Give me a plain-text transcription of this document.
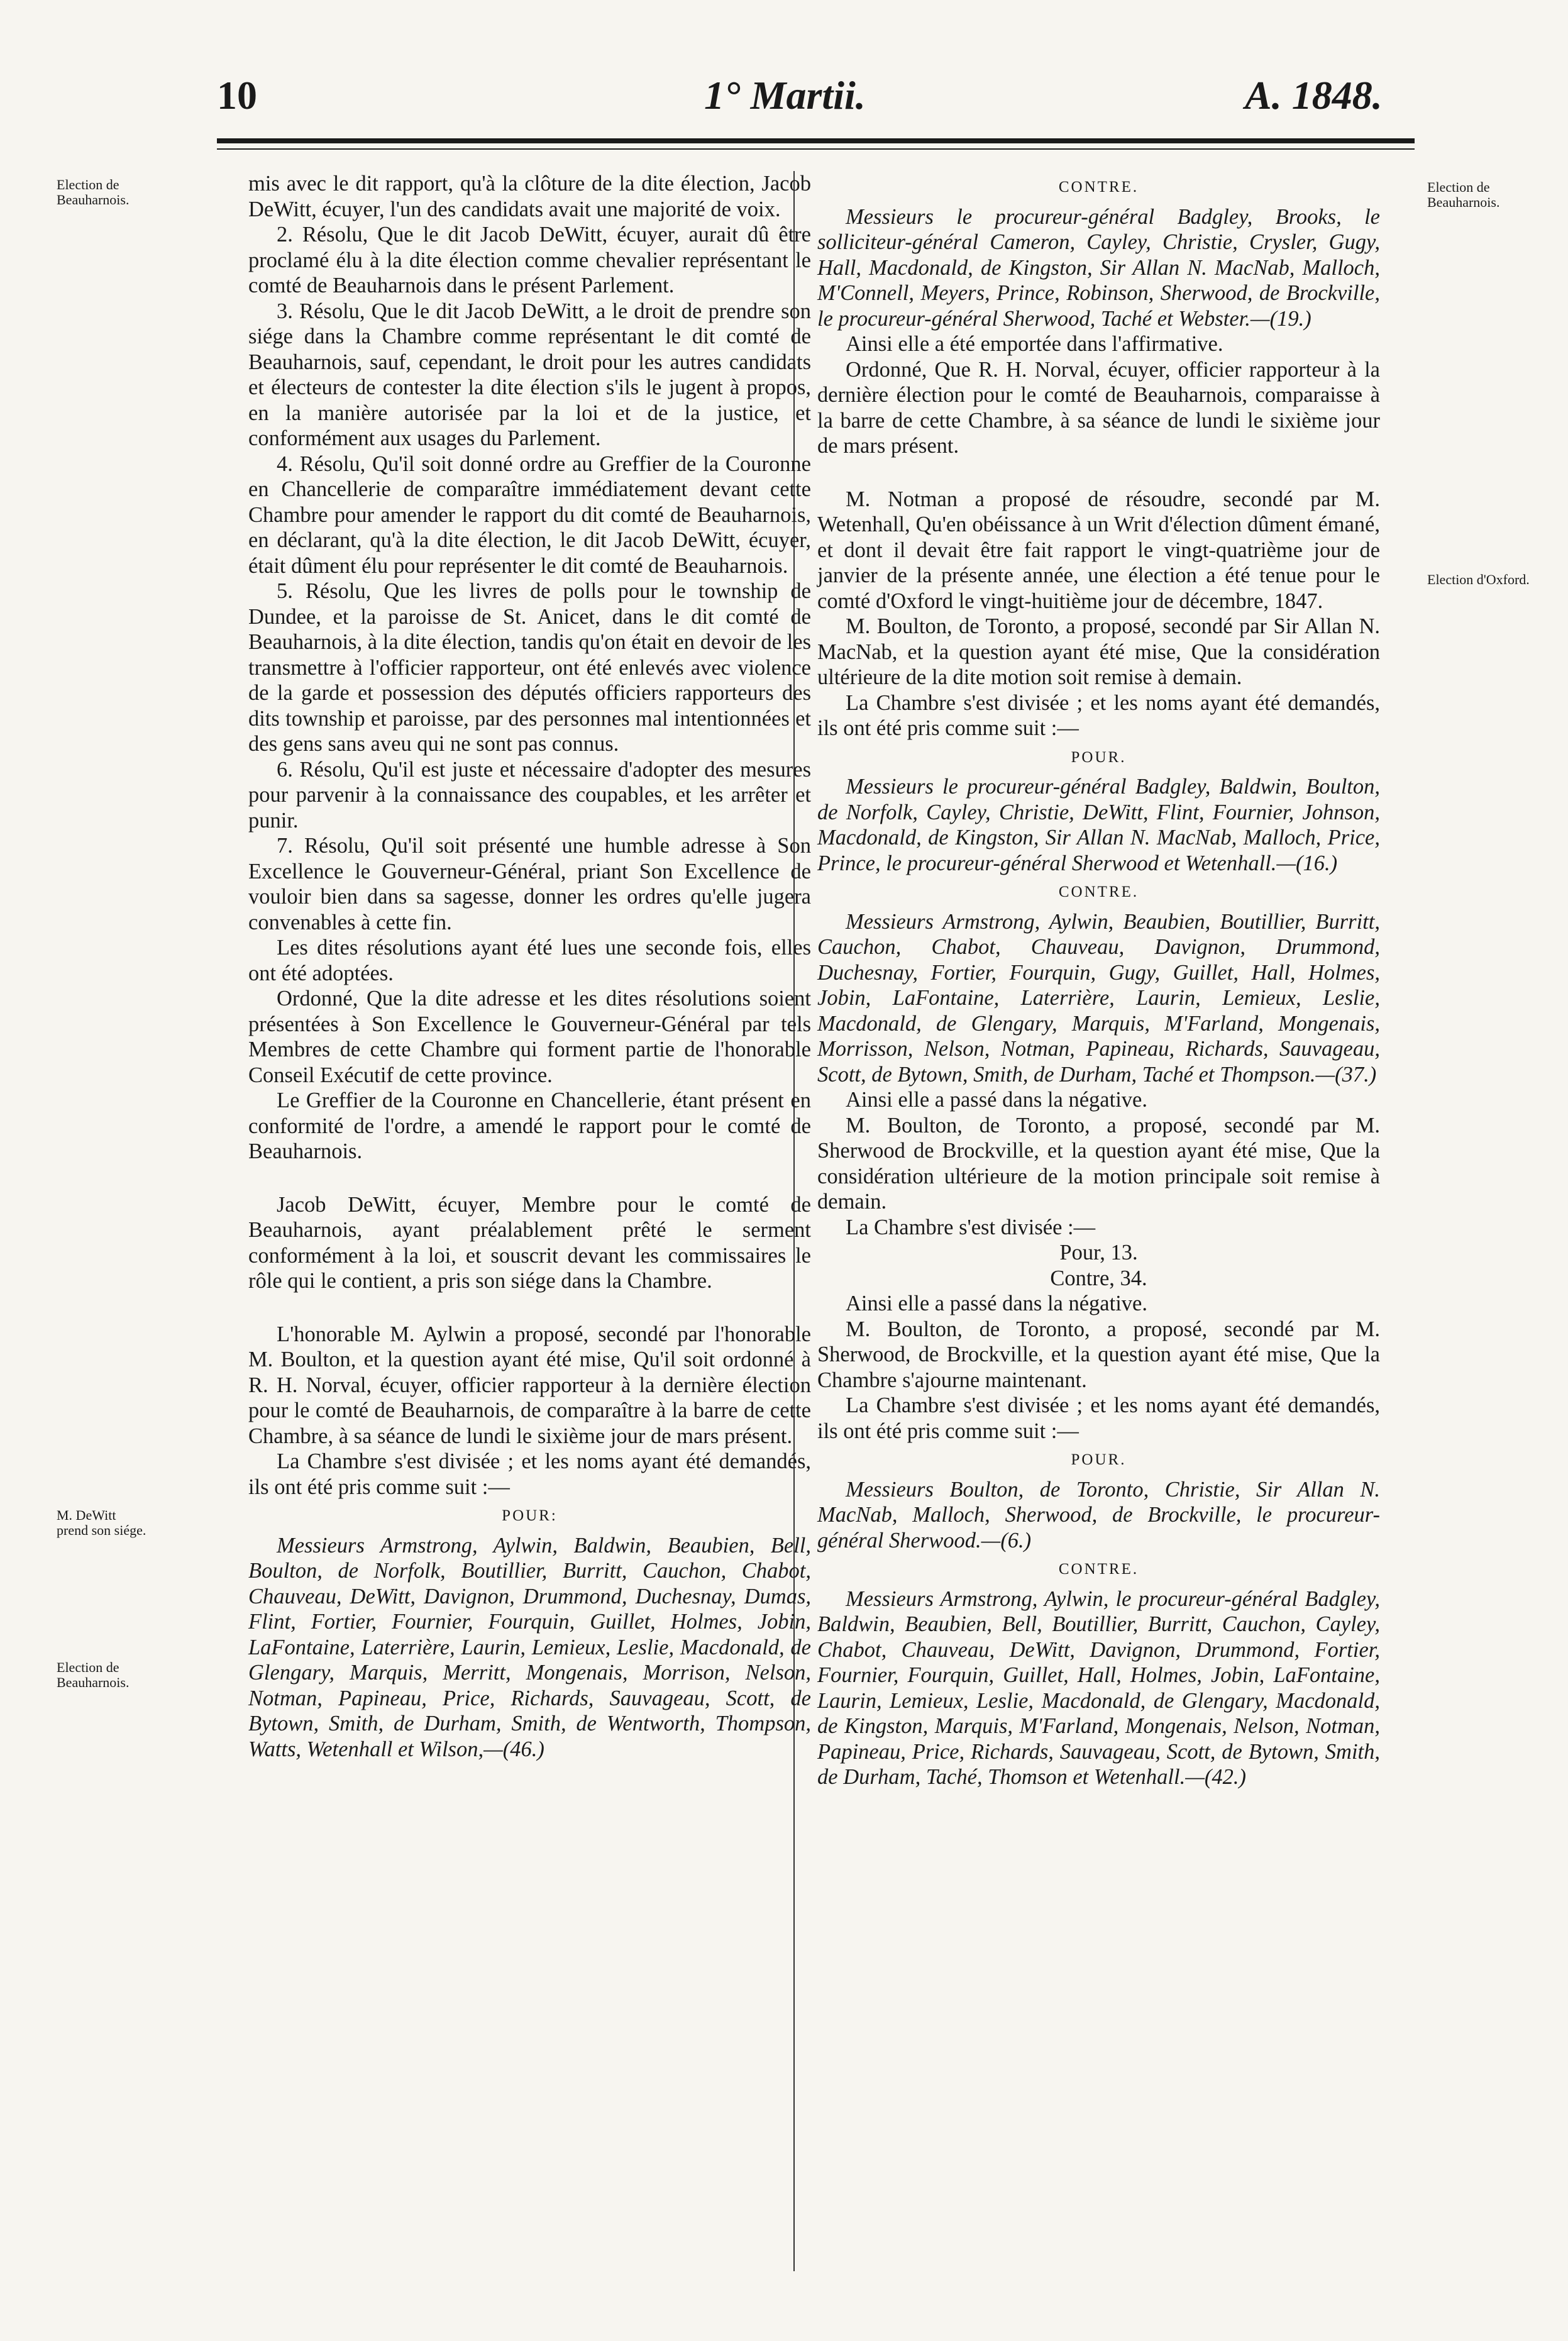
10	1° Martii.	A. 1848.
Election de Beauharnois.
M. DeWitt prend son siége.
Election de Beauharnois.
Election de Beauharnois.
Election d'Oxford.

mis avec le dit rapport, qu'à la clôture de la dite élection, Jacob DeWitt, écuyer, l'un des candidats avait une majorité de voix.

2. Résolu, Que le dit Jacob DeWitt, écuyer, aurait dû être proclamé élu à la dite élection comme chevalier représentant le comté de Beauharnois dans le présent Parlement.

3. Résolu, Que le dit Jacob DeWitt, a le droit de prendre son siége dans la Chambre comme représentant le dit comté de Beauharnois, sauf, cependant, le droit pour les autres candidats et électeurs de contester la dite élection s'ils le jugent à propos, en la manière autorisée par la loi et de la justice, et conformément aux usages du Parlement.

4. Résolu, Qu'il soit donné ordre au Greffier de la Couronne en Chancellerie de comparaître immédiatement devant cette Chambre pour amender le rapport du dit comté de Beauharnois, en déclarant, qu'à la dite élection, le dit Jacob DeWitt, écuyer, était dûment élu pour représenter le dit comté de Beauharnois.

5. Résolu, Que les livres de polls pour le township de Dundee, et la paroisse de St. Anicet, dans le dit comté de Beauharnois, à la dite élection, tandis qu'on était en devoir de les transmettre à l'officier rapporteur, ont été enlevés avec violence de la garde et possession des députés officiers rapporteurs des dits township et paroisse, par des personnes mal intentionnées et des gens sans aveu qui ne sont pas connus.

6. Résolu, Qu'il est juste et nécessaire d'adopter des mesures pour parvenir à la connaissance des coupables, et les arrêter et punir.

7. Résolu, Qu'il soit présenté une humble adresse à Son Excellence le Gouverneur-Général, priant Son Excellence de vouloir bien dans sa sagesse, donner les ordres qu'elle jugera convenables à cette fin.

Les dites résolutions ayant été lues une seconde fois, elles ont été adoptées.

Ordonné, Que la dite adresse et les dites résolutions soient présentées à Son Excellence le Gouverneur-Général par tels Membres de cette Chambre qui forment partie de l'honorable Conseil Exécutif de cette province.

Le Greffier de la Couronne en Chancellerie, étant présent en conformité de l'ordre, a amendé le rapport pour le comté de Beauharnois.

Jacob DeWitt, écuyer, Membre pour le comté de Beauharnois, ayant préalablement prêté le serment conformément à la loi, et souscrit devant les commissaires le rôle qui le contient, a pris son siége dans la Chambre.

L'honorable M. Aylwin a proposé, secondé par l'honorable M. Boulton, et la question ayant été mise, Qu'il soit ordonné à R. H. Norval, écuyer, officier rapporteur à la dernière élection pour le comté de Beauharnois, de comparaître à la barre de cette Chambre, à sa séance de lundi le sixième jour de mars présent.

La Chambre s'est divisée ; et les noms ayant été demandés, ils ont été pris comme suit :—

POUR:

Messieurs Armstrong, Aylwin, Baldwin, Beaubien, Bell, Boulton, de Norfolk, Boutillier, Burritt, Cauchon, Chabot, Chauveau, DeWitt, Davignon, Drummond, Duchesnay, Dumas, Flint, Fortier, Fournier, Fourquin, Guillet, Holmes, Jobin, LaFontaine, Laterrière, Laurin, Lemieux, Leslie, Macdonald, de Glengary, Marquis, Merritt, Mongenais, Morrison, Nelson, Notman, Papineau, Price, Richards, Sauvageau, Scott, de Bytown, Smith, de Durham, Smith, de Wentworth, Thompson, Watts, Wetenhall et Wilson,—(46.)

CONTRE.

Messieurs le procureur-général Badgley, Brooks, le solliciteur-général Cameron, Cayley, Christie, Crysler, Gugy, Hall, Macdonald, de Kingston, Sir Allan N. MacNab, Malloch, M'Connell, Meyers, Prince, Robinson, Sherwood, de Brockville, le procureur-général Sherwood, Taché et Webster.—(19.)

Ainsi elle a été emportée dans l'affirmative.

Ordonné, Que R. H. Norval, écuyer, officier rapporteur à la dernière élection pour le comté de Beauharnois, comparaisse à la barre de cette Chambre, à sa séance de lundi le sixième jour de mars présent.

M. Notman a proposé de résoudre, secondé par M. Wetenhall, Qu'en obéissance à un Writ d'élection dûment émané, et dont il devait être fait rapport le vingt-quatrième jour de janvier de la présente année, une élection a été tenue pour le comté d'Oxford le vingt-huitième jour de décembre, 1847.

M. Boulton, de Toronto, a proposé, secondé par Sir Allan N. MacNab, et la question ayant été mise, Que la considération ultérieure de la dite motion soit remise à demain.

La Chambre s'est divisée ; et les noms ayant été demandés, ils ont été pris comme suit :—

POUR.

Messieurs le procureur-général Badgley, Baldwin, Boulton, de Norfolk, Cayley, Christie, DeWitt, Flint, Fournier, Johnson, Macdonald, de Kingston, Sir Allan N. MacNab, Malloch, Price, Prince, le procureur-général Sherwood et Wetenhall.—(16.)

CONTRE.

Messieurs Armstrong, Aylwin, Beaubien, Boutillier, Burritt, Cauchon, Chabot, Chauveau, Davignon, Drummond, Duchesnay, Fortier, Fourquin, Gugy, Guillet, Hall, Holmes, Jobin, LaFontaine, Laterrière, Laurin, Lemieux, Leslie, Macdonald, de Glengary, Marquis, M'Farland, Mongenais, Morrisson, Nelson, Notman, Papineau, Richards, Sauvageau, Scott, de Bytown, Smith, de Durham, Taché et Thompson.—(37.)

Ainsi elle a passé dans la négative.

M. Boulton, de Toronto, a proposé, secondé par M. Sherwood de Brockville, et la question ayant été mise, Que la considération ultérieure de la motion principale soit remise à demain.

La Chambre s'est divisée :—

Pour, 13.

Contre, 34.

Ainsi elle a passé dans la négative.

M. Boulton, de Toronto, a proposé, secondé par M. Sherwood, de Brockville, et la question ayant été mise, Que la Chambre s'ajourne maintenant.

La Chambre s'est divisée ; et les noms ayant été demandés, ils ont été pris comme suit :—

POUR.

Messieurs Boulton, de Toronto, Christie, Sir Allan N. MacNab, Malloch, Sherwood, de Brockville, le procureur-général Sherwood.—(6.)

CONTRE.

Messieurs Armstrong, Aylwin, le procureur-général Badgley, Baldwin, Beaubien, Bell, Boutillier, Burritt, Cauchon, Cayley, Chabot, Chauveau, DeWitt, Davignon, Drummond, Fortier, Fournier, Fourquin, Guillet, Hall, Holmes, Jobin, LaFontaine, Laurin, Lemieux, Leslie, Macdonald, de Glengary, Macdonald, de Kingston, Marquis, M'Farland, Mongenais, Nelson, Notman, Papineau, Price, Richards, Sauvageau, Scott, de Bytown, Smith, de Durham, Taché, Thomson et Wetenhall.—(42.)
